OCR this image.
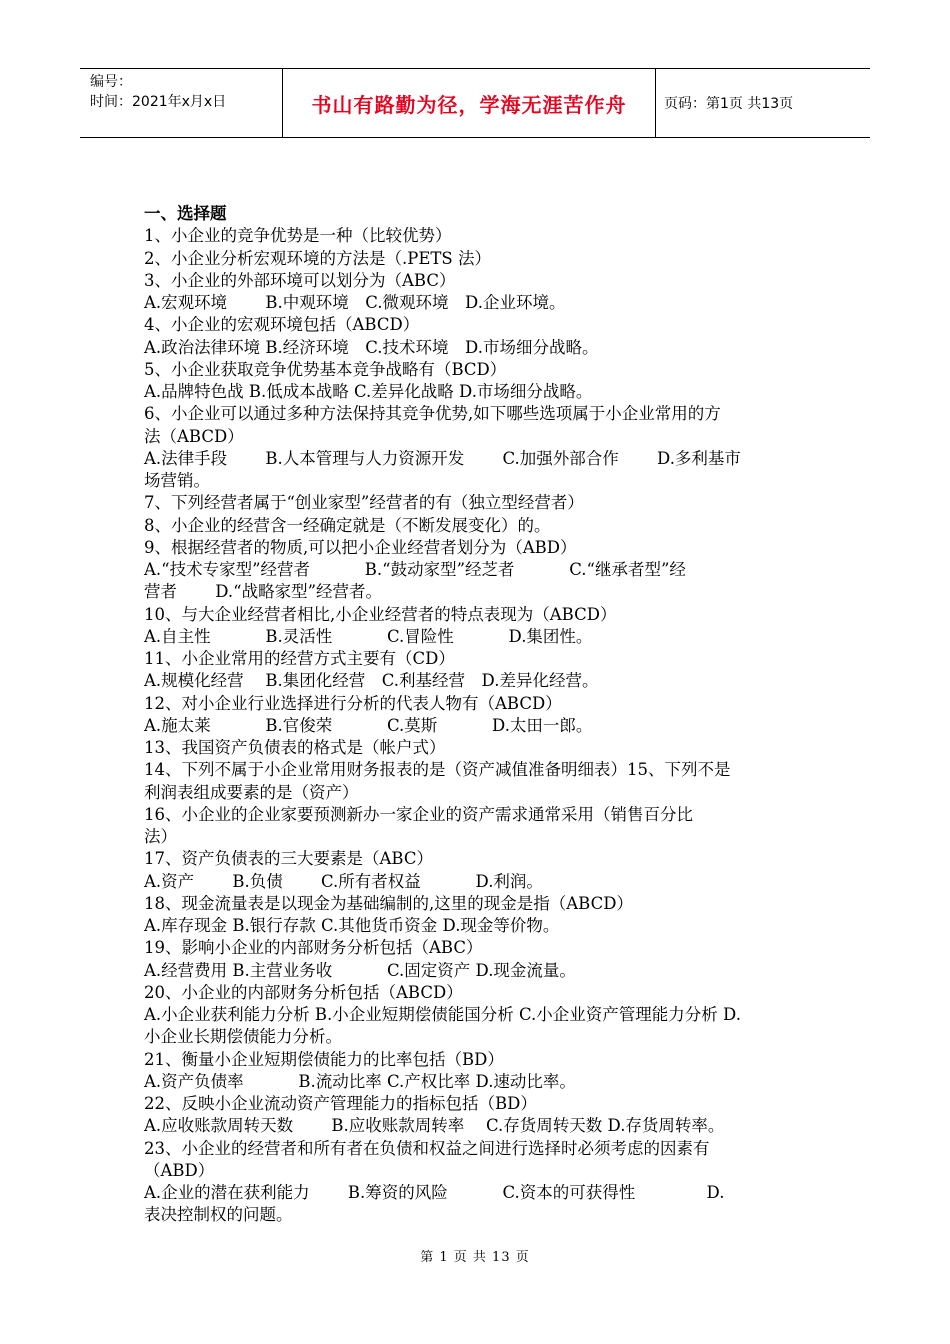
编号：
时间：2021年x月x日	书山有路勤为径，学海无涯苦作舟	页码：第1页 共13页
一、选择题
1、小企业的竞争优势是一种（比较优势）
2、小企业分析宏观环境的方法是（.PETS 法）
3、小企业的外部环境可以划分为（ABC）
A.宏观环境　　 B.中观环境　C.微观环境　D.企业环境。
4、小企业的宏观环境包括（ABCD）
A.政治法律环境 B.经济环境　C.技术环境　D.市场细分战略。
5、小企业获取竞争优势基本竞争战略有（BCD）
A.品牌特色战 B.低成本战略 C.差异化战略 D.市场细分战略。
6、小企业可以通过多种方法保持其竞争优势,如下哪些选项属于小企业常用的方
法（ABCD）
A.法律手段　　 B.人本管理与人力资源开发　　 C.加强外部合作　　 D.多利基市
场营销。
7、下列经营者属于“创业家型”经营者的有（独立型经营者）
8、小企业的经营含一经确定就是（不断发展变化）的。
9、根据经营者的物质,可以把小企业经营者划分为（ABD）
A.“技术专家型”经营者　　　 B.“鼓动家型”经芝者　　　 C.“继承者型”经
营者　　 D.“战略家型”经营者。
10、与大企业经营者相比,小企业经营者的特点表现为（ABCD）
A.自主性　　　 B.灵活性　　　 C.冒险性　　　 D.集团性。
11、小企业常用的经营方式主要有（CD）
A.规模化经营　 B.集团化经营　C.利基经营　D.差异化经营。
12、对小企业行业选择进行分析的代表人物有（ABCD）
A.施太莱　　　 B.官俊荣　　　 C.莫斯　　　 D.太田一郎。
13、我国资产负债表的格式是（帐户式）
14、下列不属于小企业常用财务报表的是（资产减值准备明细表）15、下列不是
利润表组成要素的是（资产）
16、小企业的企业家要预测新办一家企业的资产需求通常采用（销售百分比
法）
17、资产负债表的三大要素是（ABC）
A.资产　　 B.负债　　 C.所有者权益　　　 D.利润。
18、现金流量表是以现金为基础编制的,这里的现金是指（ABCD）
A.库存现金 B.银行存款 C.其他货币资金 D.现金等价物。
19、影响小企业的内部财务分析包括（ABC）
A.经营费用 B.主营业务收　　　 C.固定资产 D.现金流量。
20、小企业的内部财务分析包括（ABCD）
A.小企业获利能力分析 B.小企业短期偿债能国分析 C.小企业资产管理能力分析 D.
小企业长期偿债能力分析。
21、衡量小企业短期偿债能力的比率包括（BD）
A.资产负债率　　　 B.流动比率 C.产权比率 D.速动比率。
22、反映小企业流动资产管理能力的指标包括（BD）
A.应收账款周转天数　　 B.应收账款周转率　 C.存货周转天数 D.存货周转率。
23、小企业的经营者和所有者在负债和权益之间进行选择时必须考虑的因素有
（ABD）
A.企业的潜在获利能力　　 B.筹资的风险　　　 C.资本的可获得性　　　　 D.
表决控制权的问题。
第 1 页 共 13 页
